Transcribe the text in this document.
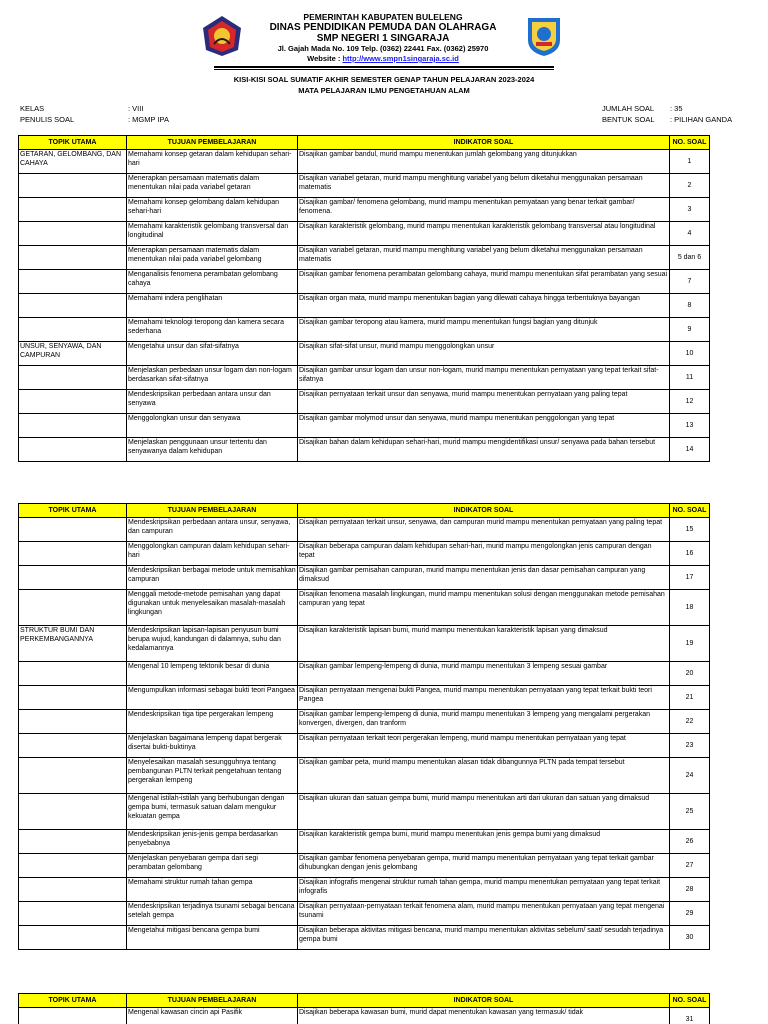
PEMERINTAH KABUPATEN BULELENG
DINAS PENDIDIKAN PEMUDA DAN OLAHRAGA
SMP NEGERI 1 SINGARAJA
Jl. Gajah Mada No. 109 Telp. (0362) 22441 Fax. (0362) 25970
Website : http://www.smpn1singaraja.sc.id
KISI-KISI SOAL SUMATIF AKHIR SEMESTER GENAP TAHUN PELAJARAN 2023-2024
MATA PELAJARAN ILMU PENGETAHUAN ALAM
KELAS	: VIII
PENULIS SOAL	: MGMP IPA
JUMLAH SOAL : 35
BENTUK SOAL : PILIHAN GANDA
TOPIK UTAMA	TUJUAN PEMBELAJARAN	INDIKATOR SOAL	NO. SOAL
GETARAN, GELOMBANG, DAN CAHAYA	Memahami konsep getaran dalam kehidupan sehari-hari	Disajikan gambar bandul, murid mampu menentukan jumlah gelombang yang ditunjukkan	1
	Menerapkan persamaan matematis dalam menentukan nilai pada variabel getaran	Disajikan variabel getaran, murid mampu menghitung variabel yang belum diketahui menggunakan persamaan matematis	2
	Memahami konsep gelombang dalam kehidupan sehari-hari	Disajikan gambar/ fenomena gelombang, murid mampu menentukan pernyataan yang benar terkait gambar/ fenomena.	3
	Memahami karakteristik gelombang transversal dan longitudinal	Disajikan karakteristik gelombang, murid mampu menentukan karakteristik gelombang transversal atau longitudinal	4
	Menerapkan persamaan matematis dalam menentukan nilai pada variabel gelombang	Disajikan variabel getaran, murid mampu menghitung variabel yang belum diketahui menggunakan persamaan matematis	5 dan 6
	Menganalisis fenomena perambatan gelombang cahaya	Disajikan gambar fenomena perambatan gelombang cahaya, murid mampu menentukan sifat perambatan yang sesuai	7
	Memahami indera penglihatan	Disajikan organ mata, murid mampu menentukan bagian yang dilewati cahaya hingga terbentuknya bayangan	8
	Memahami teknologi teropong dan kamera secara sederhana	Disajikan gambar teropong atau kamera, murid mampu menentukan fungsi bagian yang ditunjuk	9
UNSUR, SENYAWA, DAN CAMPURAN	Mengetahui unsur dan sifat-sifatnya	Disajikan sifat-sifat unsur, murid mampu menggolongkan unsur	10
	Menjelaskan perbedaan unsur logam dan non-logam berdasarkan sifat-sifatnya	Disajikan gambar unsur logam dan unsur non-logam, murid mampu menentukan pernyataan yang tepat terkait sifat-sifatnya	11
	Mendeskripsikan perbedaan antara unsur dan senyawa	Disajikan pernyataan terkait unsur dan senyawa, murid mampu menentukan pernyataan yang paling tepat	12
	Menggolongkan unsur dan senyawa	Disajikan gambar molymod unsur dan senyawa, murid mampu menentukan penggolongan yang tepat	13
	Menjelaskan penggunaan unsur tertentu dan senyawanya dalam kehidupan	Disajikan bahan dalam kehidupan sehari-hari, murid mampu mengidentifikasi unsur/ senyawa pada bahan tersebut	14
TOPIK UTAMA	TUJUAN PEMBELAJARAN	INDIKATOR SOAL	NO. SOAL
	Mendeskripsikan perbedaan antara unsur, senyawa, dan campuran	Disajikan pernyataan terkait unsur, senyawa, dan campuran murid mampu menentukan pernyataan yang paling tepat	15
	Menggolongkan campuran dalam kehidupan sehari-hari	Disajikan beberapa campuran dalam kehidupan sehari-hari, murid mampu mengolongkan jenis campuran dengan tepat	16
	Mendeskripsikan berbagai metode untuk memisahkan campuran	Disajikan gambar pemisahan campuran, murid mampu menentukan jenis dan dasar pemisahan campuran yang dimaksud	17
	Menggali metode-metode pemisahan yang dapat digunakan untuk menyelesaikan masalah-masalah lingkungan	Disajikan fenomena masalah lingkungan, murid mampu menentukan solusi dengan menggunakan metode pemisahan campuran yang tepat	18
STRUKTUR BUMI DAN PERKEMBANGANNYA	Mendeskripsikan lapisan-lapisan penyusun bumi berupa wujud, kandungan di dalamnya, suhu dan kedalamannya	Disajikan karakteristik lapisan bumi, murid mampu menentukan karakteristik lapisan yang dimaksud	19
	Mengenal 10 lempeng tektonik besar di dunia	Disajikan gambar lempeng-lempeng di dunia, murid mampu menentukan 3 lempeng sesuai gambar	20
	Mengumpulkan informasi sebagai bukti teori Pangaea	Disajikan pernyataan mengenai bukti Pangea, murid mampu menentukan pernyataan yang tepat terkait bukti teori Pangea	21
	Mendeskripsikan tiga tipe pergerakan lempeng	Disajikan gambar lempeng-lempeng di dunia, murid mampu menentukan 3 lempeng yang mengalami pergerakan konvergen, divergen, dan tranform	22
	Menjelaskan bagaimana lempeng dapat bergerak disertai bukti-buktinya	Disajikan pernyataan terkait teori pergerakan lempeng, murid mampu menentukan pernyataan yang tepat	23
	Menyelesaikan masalah sesungguhnya tentang pembangunan PLTN terkait pengetahuan tentang pergerakan lempeng	Disajikan gambar peta, murid mampu menentukan alasan tidak dibangunnya PLTN pada tempat tersebut	24
	Mengenal istilah-istilah yang berhubungan dengan gempa bumi, termasuk satuan dalam mengukur kekuatan gempa	Disajikan ukuran dan satuan gempa bumi, murid mampu menentukan arti dari ukuran dan satuan yang dimaksud	25
	Mendeskripsikan jenis-jenis gempa berdasarkan penyebabnya	Disajikan karakteristik gempa bumi, murid mampu menentukan jenis gempa bumi yang dimaksud	26
	Menjelaskan penyebaran gempa dari segi perambatan gelombang	Disajikan gambar fenomena penyebaran gempa, murid mampu menentukan pernyataan yang tepat terkait gambar dihubungkan dengan jenis gelombang	27
	Memahami struktur rumah tahan gempa	Disajikan infografis mengenai struktur rumah tahan gempa, murid mampu menentukan pernyataan yang tepat terkait infografis	28
	Mendeskripsikan terjadinya tsunami sebagai bencana setelah gempa	Disajikan pernyataan-pernyataan terkait fenomena alam, murid mampu menentukan pernyataan yang tepat mengenai tsunami	29
	Mengetahui mitigasi bencana gempa bumi	Disajikan beberapa aktivitas mitigasi bencana, murid mampu menentukan aktivitas sebelum/ saat/ sesudah terjadinya gempa bumi	30
TOPIK UTAMA	TUJUAN PEMBELAJARAN	INDIKATOR SOAL	NO. SOAL
	Mengenal kawasan cincin api Pasifik	Disajikan beberapa kawasan bumi, murid dapat menentukan kawasan yang termasuk/ tidak	31
